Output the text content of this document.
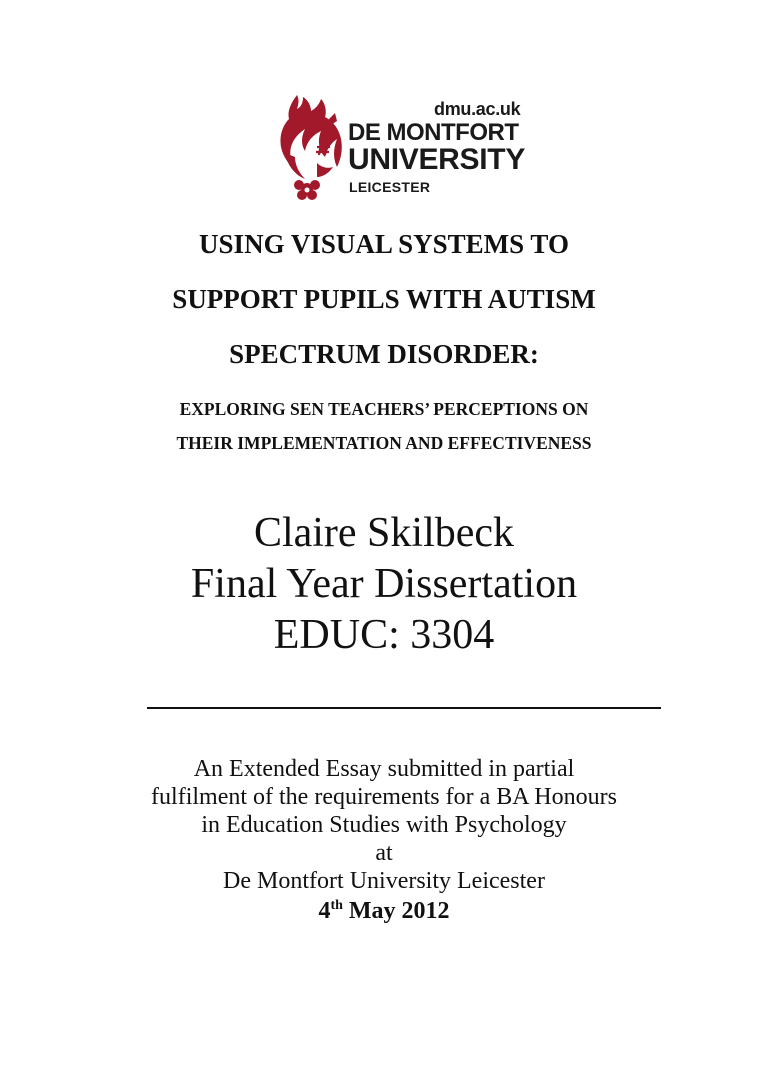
dmu.ac.uk
DE MONTFORT
UNIVERSITY
LEICESTER
USING VISUAL SYSTEMS TO
SUPPORT PUPILS WITH AUTISM
SPECTRUM DISORDER:
EXPLORING SEN TEACHERS’ PERCEPTIONS ON
THEIR IMPLEMENTATION AND EFFECTIVENESS
Claire Skilbeck
Final Year Dissertation
EDUC: 3304
An Extended Essay submitted in partial
fulfilment of the requirements for a BA Honours
in Education Studies with Psychology
at
De Montfort University Leicester
4th May 2012
